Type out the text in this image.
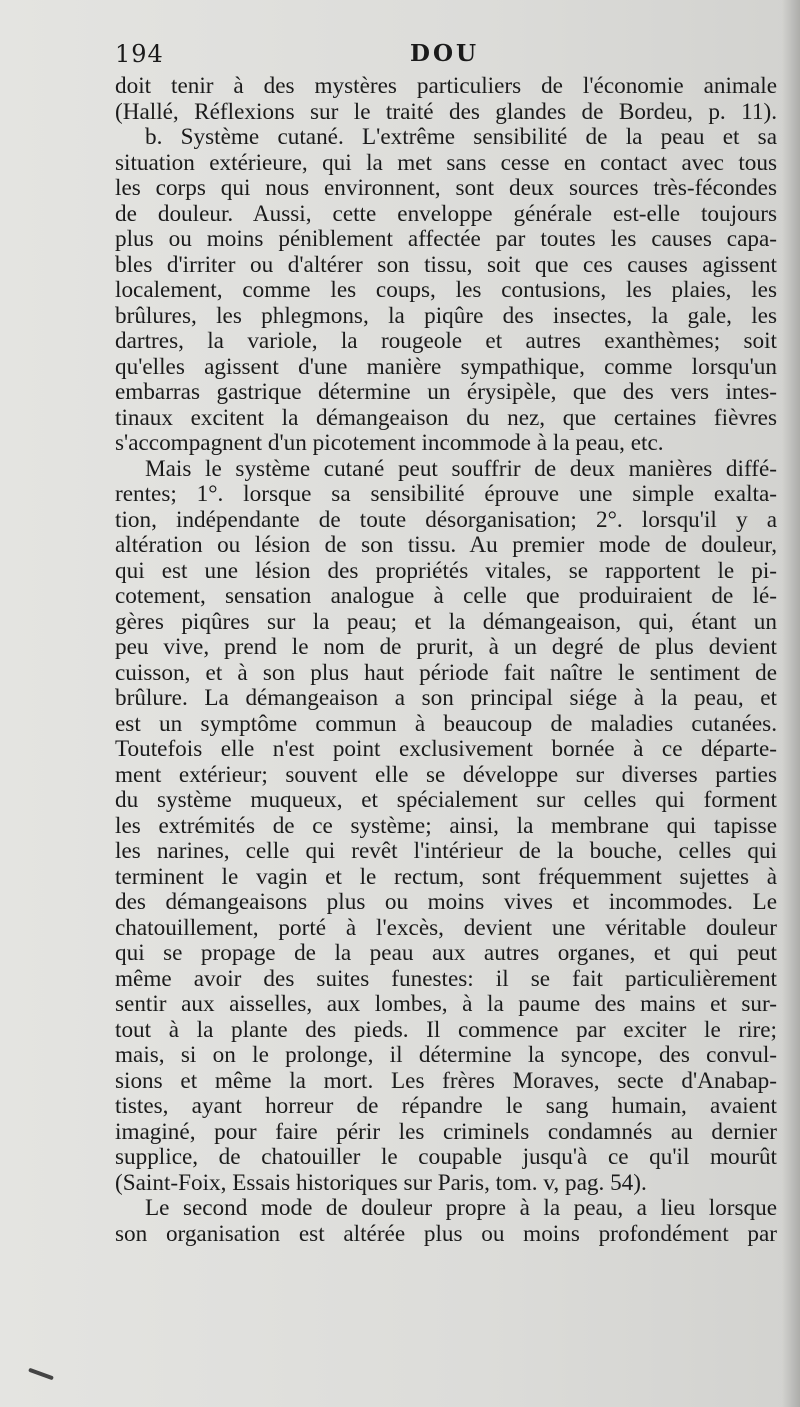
194	DOU
doit tenir à des mystères particuliers de l'économie animale
(Hallé, Réflexions sur le traité des glandes de Bordeu, p. 11).
b. Système cutané. L'extrême sensibilité de la peau et sa
situation extérieure, qui la met sans cesse en contact avec tous
les corps qui nous environnent, sont deux sources très-fécondes
de douleur. Aussi, cette enveloppe générale est-elle toujours
plus ou moins péniblement affectée par toutes les causes capa-
bles d'irriter ou d'altérer son tissu, soit que ces causes agissent
localement, comme les coups, les contusions, les plaies, les
brûlures, les phlegmons, la piqûre des insectes, la gale, les
dartres, la variole, la rougeole et autres exanthèmes; soit
qu'elles agissent d'une manière sympathique, comme lorsqu'un
embarras gastrique détermine un érysipèle, que des vers intes-
tinaux excitent la démangeaison du nez, que certaines fièvres
s'accompagnent d'un picotement incommode à la peau, etc.
Mais le système cutané peut souffrir de deux manières diffé-
rentes; 1°. lorsque sa sensibilité éprouve une simple exalta-
tion, indépendante de toute désorganisation; 2°. lorsqu'il y a
altération ou lésion de son tissu. Au premier mode de douleur,
qui est une lésion des propriétés vitales, se rapportent le pi-
cotement, sensation analogue à celle que produiraient de lé-
gères piqûres sur la peau; et la démangeaison, qui, étant un
peu vive, prend le nom de prurit, à un degré de plus devient
cuisson, et à son plus haut période fait naître le sentiment de
brûlure. La démangeaison a son principal siége à la peau, et
est un symptôme commun à beaucoup de maladies cutanées.
Toutefois elle n'est point exclusivement bornée à ce départe-
ment extérieur; souvent elle se développe sur diverses parties
du système muqueux, et spécialement sur celles qui forment
les extrémités de ce système; ainsi, la membrane qui tapisse
les narines, celle qui revêt l'intérieur de la bouche, celles qui
terminent le vagin et le rectum, sont fréquemment sujettes à
des démangeaisons plus ou moins vives et incommodes. Le
chatouillement, porté à l'excès, devient une véritable douleur
qui se propage de la peau aux autres organes, et qui peut
même avoir des suites funestes: il se fait particulièrement
sentir aux aisselles, aux lombes, à la paume des mains et sur-
tout à la plante des pieds. Il commence par exciter le rire;
mais, si on le prolonge, il détermine la syncope, des convul-
sions et même la mort. Les frères Moraves, secte d'Anabap-
tistes, ayant horreur de répandre le sang humain, avaient
imaginé, pour faire périr les criminels condamnés au dernier
supplice, de chatouiller le coupable jusqu'à ce qu'il mourût
(Saint-Foix, Essais historiques sur Paris, tom. v, pag. 54).
Le second mode de douleur propre à la peau, a lieu lorsque
son organisation est altérée plus ou moins profondément par
